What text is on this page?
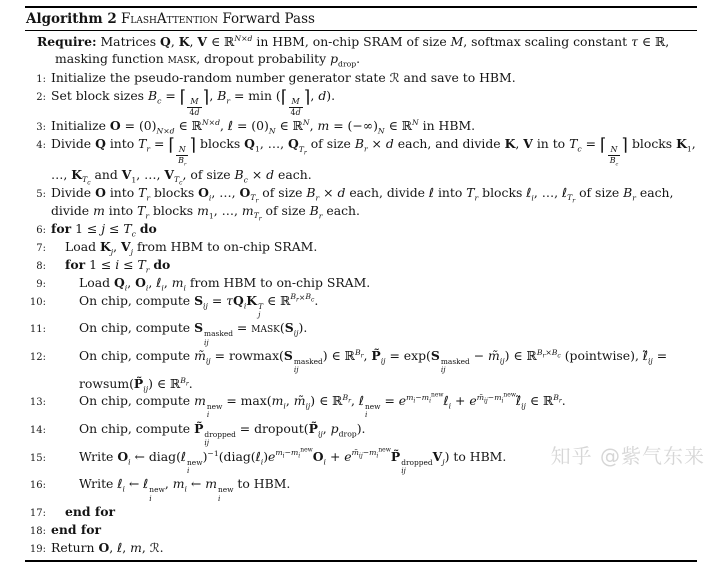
Algorithm 2 FlashAttention Forward Pass
Require: Matrices Q, K, V ∈ ℝ$^{N\times d}$ in HBM, on-chip SRAM of size M, softmax scaling constant τ ∈ ℝ, masking function mask, dropout probability $p_{drop}$.
1: Initialize the pseudo-random number generator state ℛ and save to HBM.
2: Set block sizes $B_c$ = ⌈ $\frac{M}{4d}$ ⌉, $B_r = \min$ (⌈ $\frac{M}{4d}$ ⌉, d).
3: Initialize $O = (0)_{N\times d}$ ∈ ℝ$^{N\times d}$, ℓ = $(0)_N$ ∈ ℝ$^N$, $m = (-\infty)_N$ ∈ ℝ$^N$ in HBM.
4: Divide Q into $T_r$ = ⌈ $\frac{N}{B_r}$ ⌉ blocks $Q_1$, …, $Q_{T_r}$ of size $B_r \times d$ each, and divide K, V in to $T_c$ = ⌈ $\frac{N}{B_c}$ ⌉ blocks $K_1$, …, $K_{T_c}$ and $V_1$, …, $V_{T_c}$, of size $B_c \times d$ each.
5: Divide O into $T_r$ blocks $O_i$, …, $O_{T_r}$ of size $B_r \times d$ each, divide ℓ into $T_r$ blocks ℓ$_i$, …, ℓ$_{T_r}$ of size $B_r$ each, divide m into $T_r$ blocks $m_1$, …, $m_{T_r}$ of size $B_r$ each.
6: for $1 \le j \le T_c$ do
7:	Load $K_j$, $V_j$ from HBM to on-chip SRAM.
8:	for $1 \le i \le T_r$ do
9:	Load $Q_i$, $O_i$, ℓ$_i$, $m_i$ from HBM to on-chip SRAM.
10:	On chip, compute $S_{ij} = \tau Q_iK$ T
j
∈ ℝ$^{B_r\times B_c}$.
11:	On chip, compute S masked
ij
= $mask(S_{ij})$.
12:	On chip, compute $m̃_{ij} = rowmax(S$ masked
ij
) ∈ ℝ$^{B_r}$, $P̃_{ij} = \exp(S$ masked
ij
− $m̃_{ij}$) ∈ ℝ$^{B_r\times B_c}$ (pointwise), $\ell̃_{ij}$ = $rowsum(P̃_{ij})$ ∈ ℝ$^{B_r}$.
13:	On chip, compute m new
i
= $\max(m_i$, $m̃_{ij}$) ∈ ℝ$^{B_r}$, ℓ new
i
= $e^{m_i-m_i^{new}}\ell_i$ + $e^{m̃_{ij}-m_i^{new}}\ell̃_{ij}$ ∈ ℝ$^{B_r}$.
14:	On chip, compute P̃ dropped
ij
= $dropout(P̃_{ij}$, $p_{drop}$).
15:	Write $O_i$ ← diag(ℓ new
i
)$^{-1}(diag(\ell_i)e^{m_i-m_i^{new}}O_i$ + $e^{m̃_{ij}-m_i^{new}}P̃$ dropped
ij
$V_j$) to HBM.
16:	Write ℓ$_i$ ← ℓ new
i
, $m_i$ ← m new
i
to HBM.
17:	end for
18: end for
19: Return O, ℓ, m, ℛ.
知乎 @紫气东来
